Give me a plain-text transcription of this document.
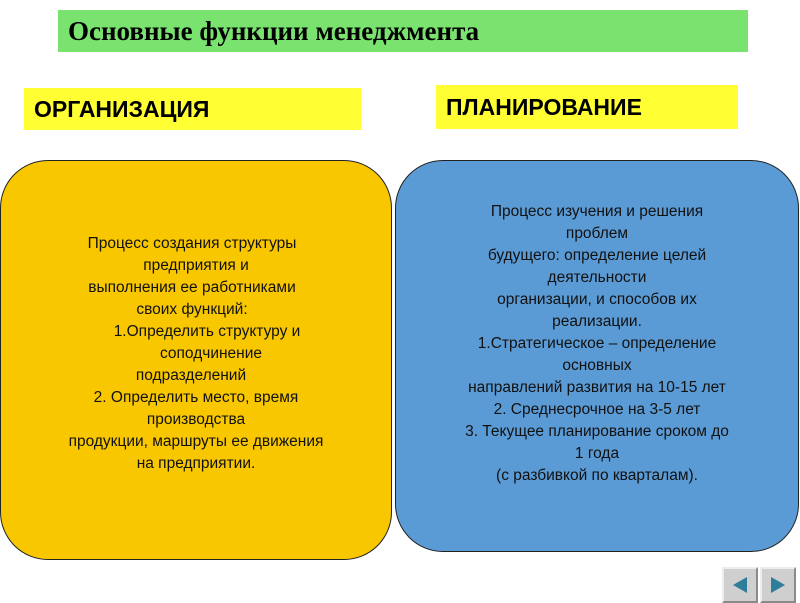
Основные функции менеджмента
ОРГАНИЗАЦИЯ	ПЛАНИРОВАНИЕ
Процесс создания структуры
предприятия и
выполнения ее работниками
своих функций:
1.Определить структуру и
соподчинение
подразделений
2. Определить место, время
производства
продукции, маршруты ее движения
на предприятии.
Процесс изучения и решения
проблем
будущего: определение целей
деятельности
организации, и способов их
реализации.
1.Стратегическое – определение
основных
направлений развития на 10-15 лет
2. Среднесрочное на 3-5 лет
3. Текущее планирование сроком до
1 года
(с разбивкой по кварталам).
